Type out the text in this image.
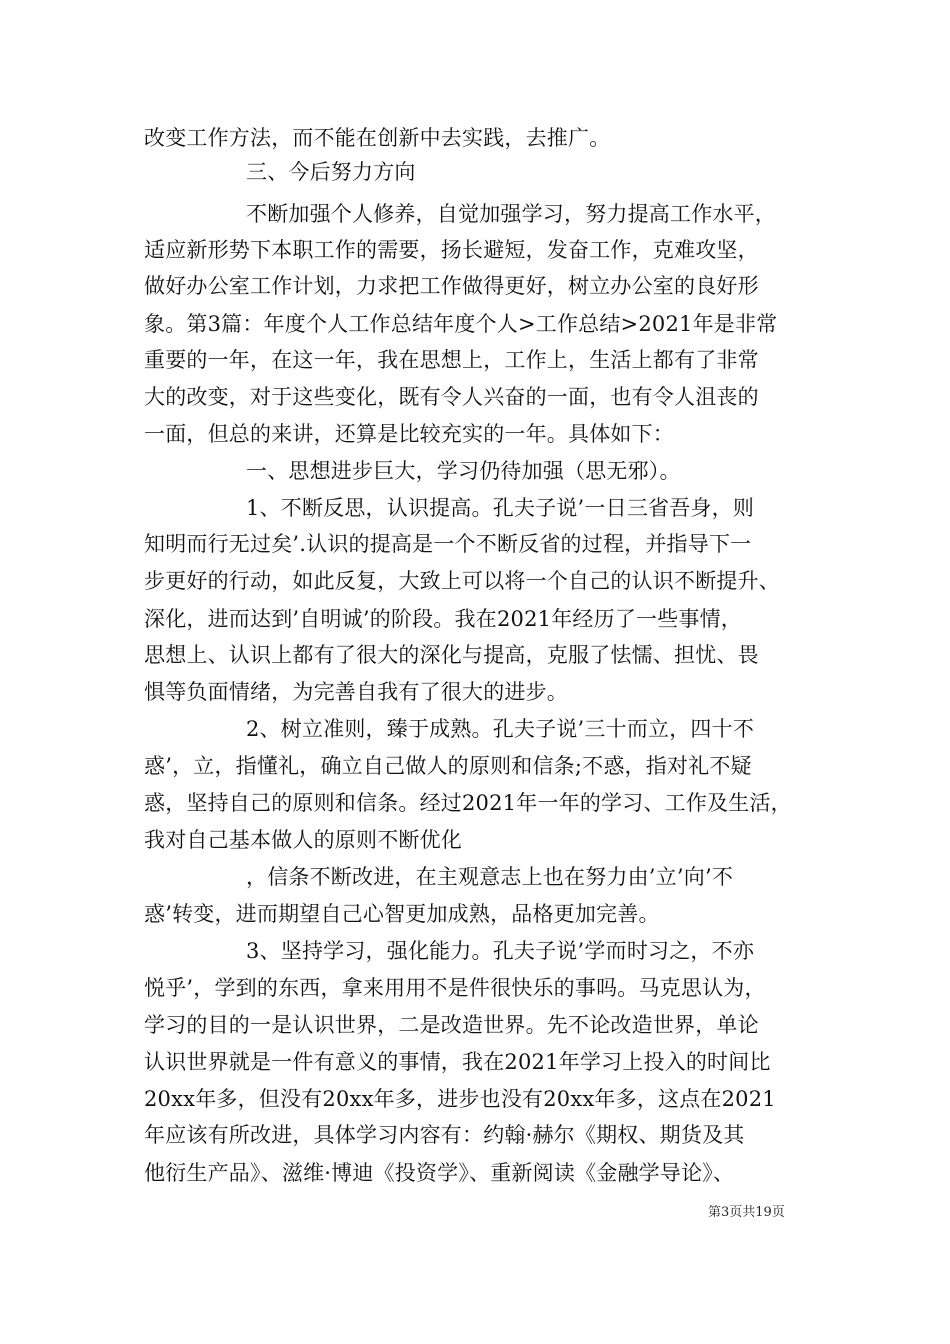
改变工作方法，而不能在创新中去实践，去推广。
三、今后努力方向
不断加强个人修养，自觉加强学习，努力提高工作水平，
适应新形势下本职工作的需要，扬长避短，发奋工作，克难攻坚，
做好办公室工作计划，力求把工作做得更好，树立办公室的良好形
象。第3篇：年度个人工作总结年度个人>工作总结>2021年是非常
重要的一年，在这一年，我在思想上，工作上，生活上都有了非常
大的改变，对于这些变化，既有令人兴奋的一面，也有令人沮丧的
一面，但总的来讲，还算是比较充实的一年。具体如下：
一、思想进步巨大，学习仍待加强（思无邪）。
1、不断反思，认识提高。孔夫子说’一日三省吾身，则
知明而行无过矣’.认识的提高是一个不断反省的过程，并指导下一
步更好的行动，如此反复，大致上可以将一个自己的认识不断提升、
深化，进而达到’自明诚’的阶段。我在2021年经历了一些事情，
思想上、认识上都有了很大的深化与提高，克服了怯懦、担忧、畏
惧等负面情绪，为完善自我有了很大的进步。
2、树立准则，臻于成熟。孔夫子说’三十而立，四十不
惑’，立，指懂礼，确立自己做人的原则和信条;不惑，指对礼不疑
惑，坚持自己的原则和信条。经过2021年一年的学习、工作及生活，
我对自己基本做人的原则不断优化
，信条不断改进，在主观意志上也在努力由’立’向’不
惑’转变，进而期望自己心智更加成熟，品格更加完善。
3、坚持学习，强化能力。孔夫子说’学而时习之，不亦
悦乎’，学到的东西，拿来用用不是件很快乐的事吗。马克思认为，
学习的目的一是认识世界，二是改造世界。先不论改造世界，单论
认识世界就是一件有意义的事情，我在2021年学习上投入的时间比
20xx年多，但没有20xx年多，进步也没有20xx年多，这点在2021
年应该有所改进，具体学习内容有：约翰·赫尔《期权、期货及其
他衍生产品》、滋维·博迪《投资学》、重新阅读《金融学导论》、
第3页共19页
